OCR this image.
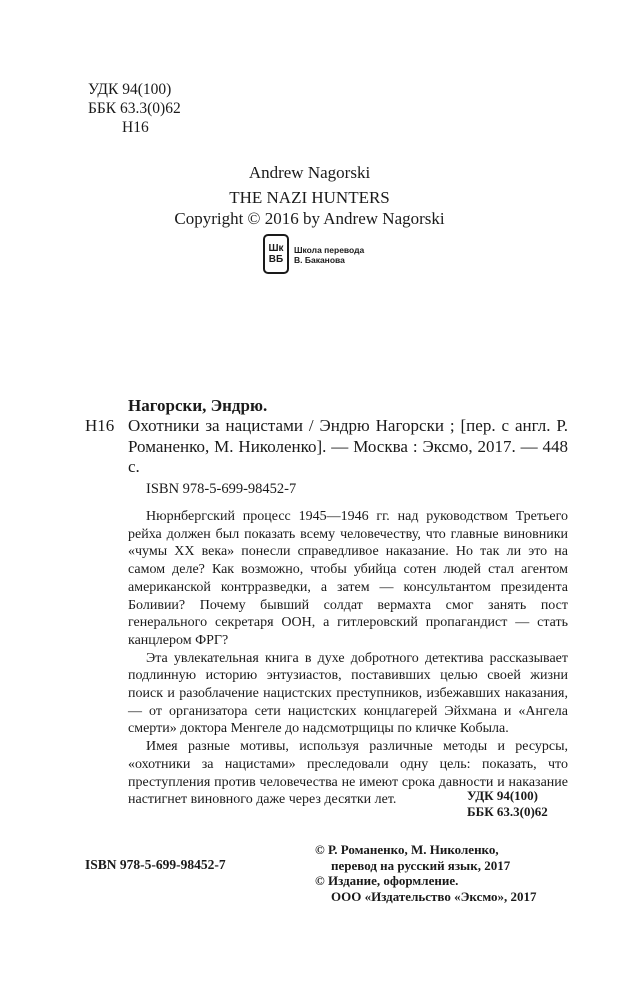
УДК 94(100)
ББК 63.3(0)62
Н16
Andrew Nagorski
THE NAZI HUNTERS
Copyright © 2016 by Andrew Nagorski
Шк
ВБ
Школа перевода
В. Баканова
Нагорски, Эндрю.
Н16 Охотники за нацистами / Эндрю Нагорски ; [пер. с англ. Р. Романенко, М. Николенко]. — Москва : Эксмо, 2017. — 448 с.
ISBN 978-5-699-98452-7

Нюрнбергский процесс 1945—1946 гг. над руководством Третьего рейха должен был показать всему человечеству, что главные виновники «чумы XX века» понесли справедливое наказание. Но так ли это на самом деле? Как возможно, чтобы убийца сотен людей стал агентом американской контрразведки, а затем — консультантом президента Боливии? Почему бывший солдат вермахта смог занять пост генерального секретаря ООН, а гитлеровский пропагандист — стать канцлером ФРГ?

Эта увлекательная книга в духе добротного детектива рассказывает подлинную историю энтузиастов, поставивших целью своей жизни поиск и разоблачение нацистских преступников, избежавших наказания, — от организатора сети нацистских концлагерей Эйхмана и «Ангела смерти» доктора Менгеле до надсмотрщицы по кличке Кобыла.

Имея разные мотивы, используя различные методы и ресурсы, «охотники за нацистами» преследовали одну цель: показать, что преступления против человечества не имеют срока давности и наказание настигнет виновного даже через десятки лет.	УДК 94(100)
ББК 63.3(0)62
© Р. Романенко, М. Николенко,
перевод на русский язык, 2017
© Издание, оформление.
ООО «Издательство «Эксмо», 2017
ISBN 978-5-699-98452-7
